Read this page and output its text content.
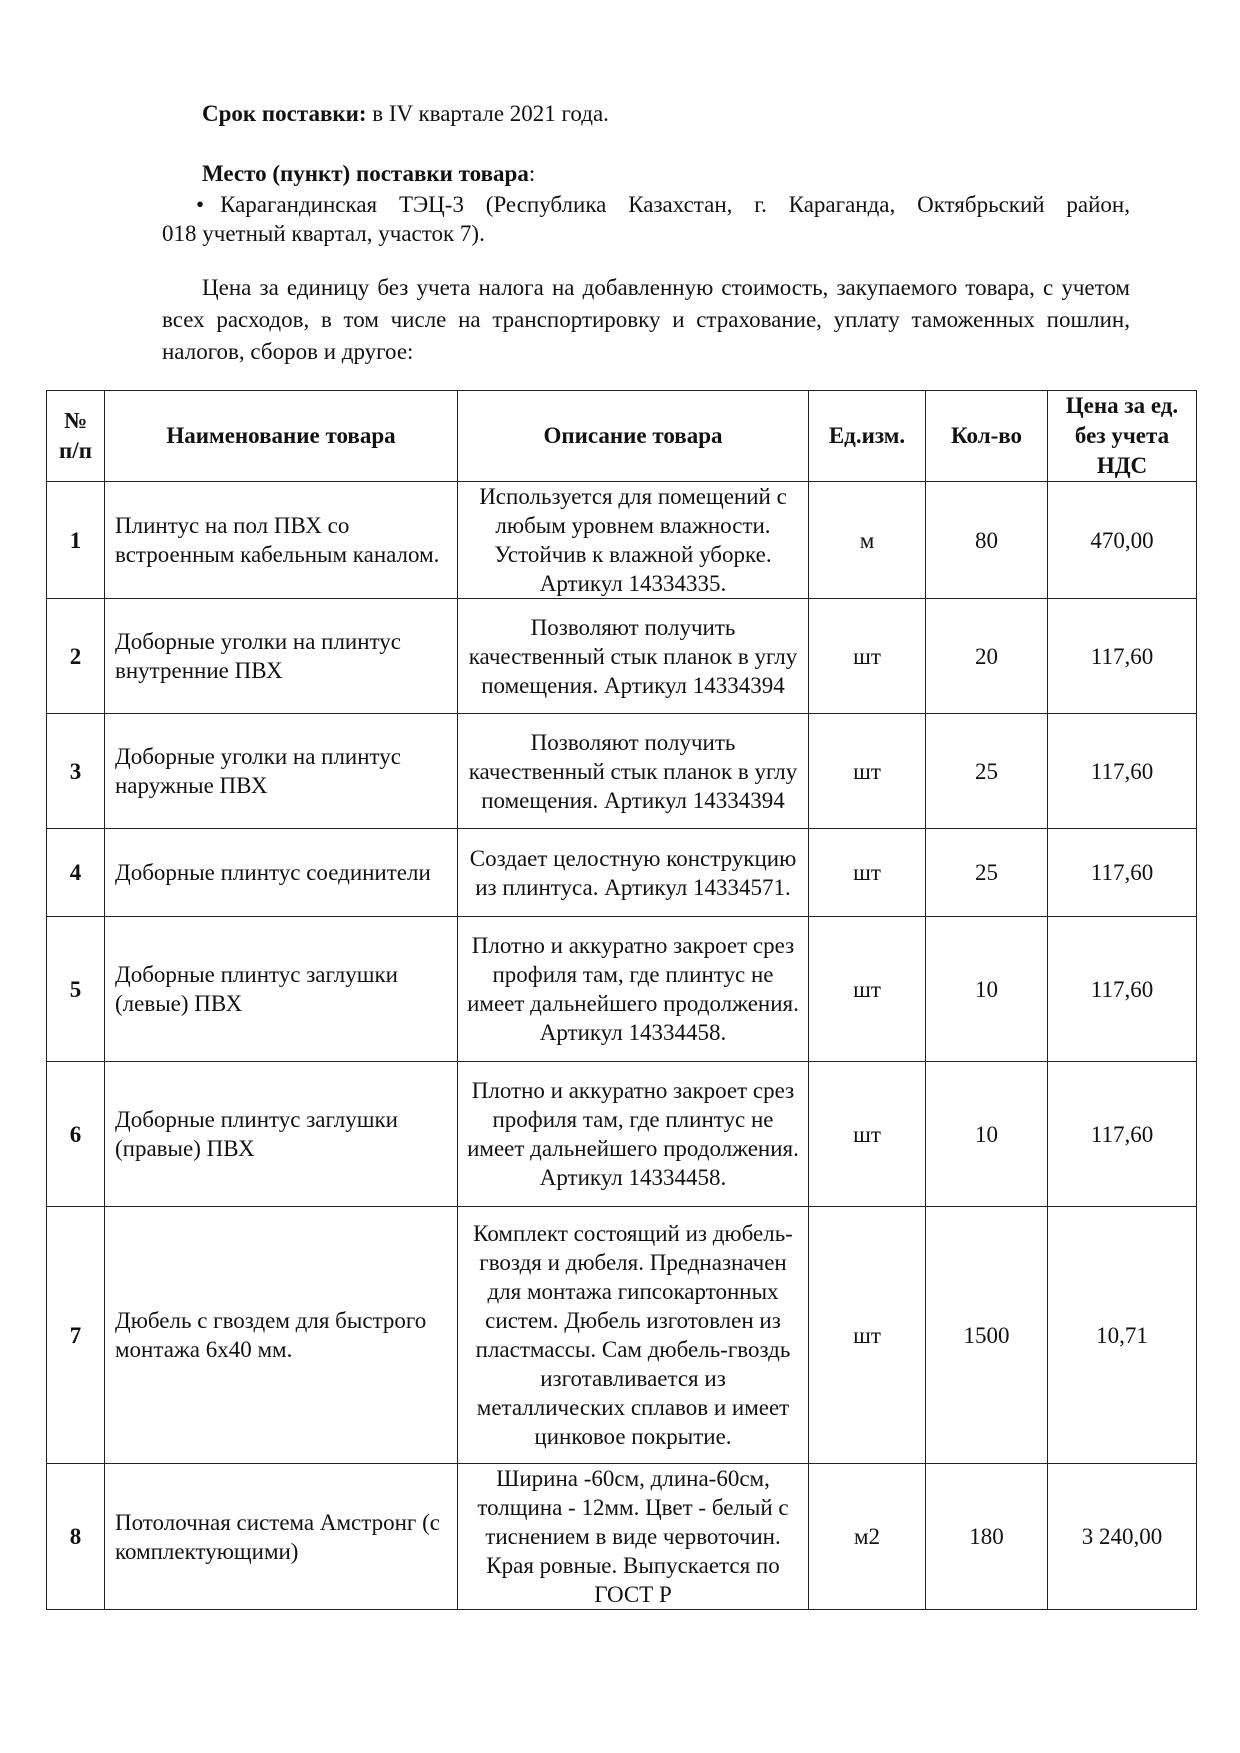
Срок поставки: в IV квартале 2021 года.
Место (пункт) поставки товара:
• Карагандинская ТЭЦ-3 (Республика Казахстан, г. Караганда, Октябрьский район,
018 учетный квартал, участок 7).
Цена за единицу без учета налога на добавленную стоимость, закупаемого товара, с учетом всех расходов, в том числе на транспортировку и страхование, уплату таможенных пошлин, налогов, сборов и другое:
№ п/п	Наименование товара	Описание товара	Ед.изм.	Кол-во	Цена за ед. без учета НДС
1	Плинтус на пол ПВХ со встроенным кабельным каналом.	Используется для помещений с любым уровнем влажности. Устойчив к влажной уборке. Артикул 14334335.	м	80	470,00
2	Доборные уголки на плинтус внутренние ПВХ	Позволяют получить качественный стык планок в углу помещения. Артикул 14334394	шт	20	117,60
3	Доборные уголки на плинтус наружные ПВХ	Позволяют получить качественный стык планок в углу помещения. Артикул 14334394	шт	25	117,60
4	Доборные плинтус соединители	Создает целостную конструкцию из плинтуса. Артикул 14334571.	шт	25	117,60
5	Доборные плинтус заглушки (левые) ПВХ	Плотно и аккуратно закроет срез профиля там, где плинтус не имеет дальнейшего продолжения. Артикул 14334458.	шт	10	117,60
6	Доборные плинтус заглушки (правые) ПВХ	Плотно и аккуратно закроет срез профиля там, где плинтус не имеет дальнейшего продолжения. Артикул 14334458.	шт	10	117,60
7	Дюбель с гвоздем для быстрого монтажа 6х40 мм.	Комплект состоящий из дюбель-гвоздя и дюбеля. Предназначен для монтажа гипсокартонных систем. Дюбель изготовлен из пластмассы. Сам дюбель-гвоздь изготавливается из металлических сплавов и имеет цинковое покрытие.	шт	1500	10,71
8	Потолочная система Амстронг (с комплектующими)	Ширина -60см, длина-60см, толщина - 12мм. Цвет - белый с тиснением в виде червоточин. Края ровные. Выпускается по ГОСТ Р	м2	180	3 240,00
